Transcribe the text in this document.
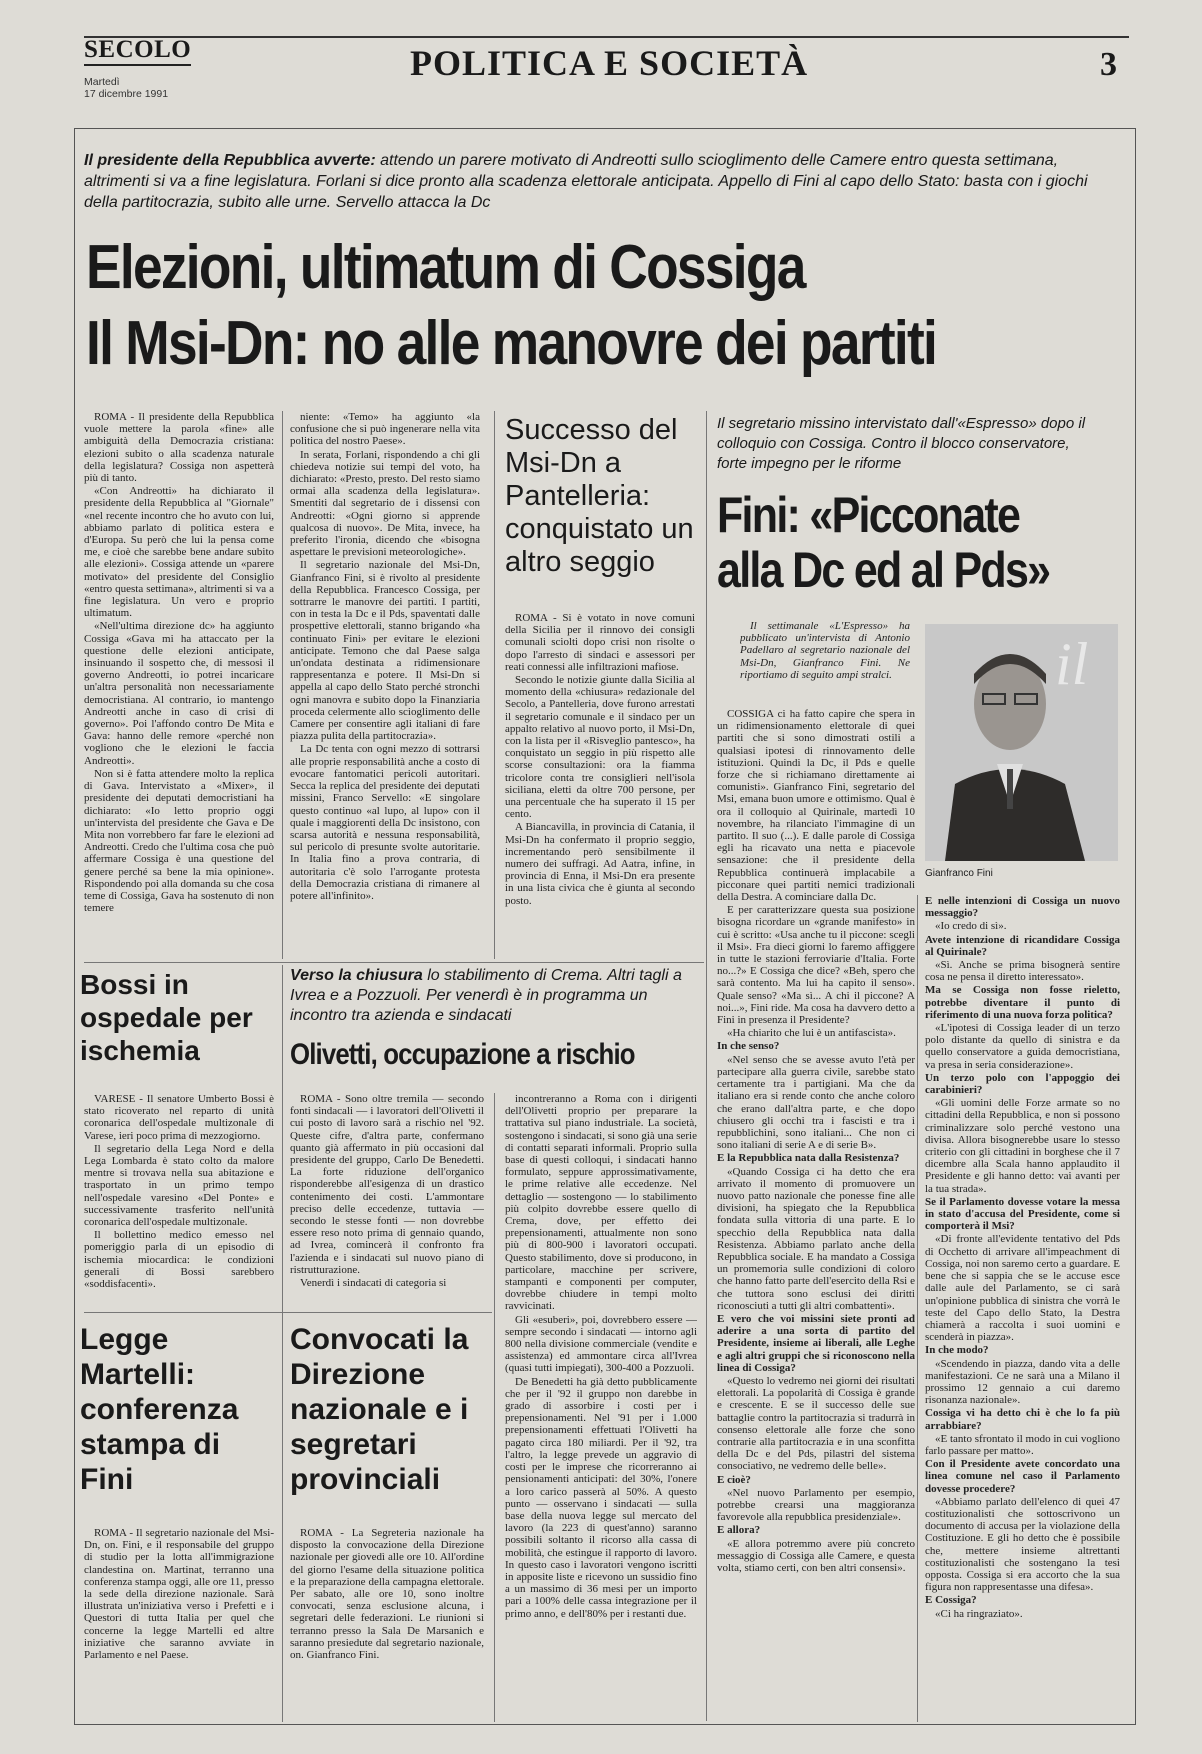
SECOLO
Martedì
17 dicembre 1991
POLITICA E SOCIETÀ	3
Il presidente della Repubblica avverte: attendo un parere motivato di Andreotti sullo scioglimento delle Camere entro questa settimana, altrimenti si va a fine legislatura. Forlani si dice pronto alla scadenza elettorale anticipata. Appello di Fini al capo dello Stato: basta con i giochi della partitocrazia, subito alle urne. Servello attacca la Dc
Elezioni, ultimatum di Cossiga
Il Msi-Dn: no alle manovre dei partiti

ROMA - Il presidente della Repubblica vuole mettere la parola «fine» alle ambiguità della Democrazia cristiana: elezioni subito o alla scadenza naturale della legislatura? Cossiga non aspetterà più di tanto.

«Con Andreotti» ha dichiarato il presidente della Repubblica al "Giornale" «nel recente incontro che ho avuto con lui, abbiamo parlato di politica estera e d'Europa. Su però che lui la pensa come me, e cioè che sarebbe bene andare subito alle elezioni». Cossiga attende un «parere motivato» del presidente del Consiglio «entro questa settimana», altrimenti si va a fine legislatura. Un vero e proprio ultimatum.

«Nell'ultima direzione dc» ha aggiunto Cossiga «Gava mi ha attaccato per la questione delle elezioni anticipate, insinuando il sospetto che, di messosi il governo Andreotti, io potrei incaricare un'altra personalità non necessariamente democristiana. Al contrario, io mantengo Andreotti anche in caso di crisi di governo». Poi l'affondo contro De Mita e Gava: hanno delle remore «perché non vogliono che le elezioni le faccia Andreotti».

Non si è fatta attendere molto la replica di Gava. Intervistato a «Mixer», il presidente dei deputati democristiani ha dichiarato: «Io letto proprio oggi un'intervista del presidente che Gava e De Mita non vorrebbero far fare le elezioni ad Andreotti. Credo che l'ultima cosa che può affermare Cossiga è una questione del genere perché sa bene la mia opinione». Rispondendo poi alla domanda su che cosa teme di Cossiga, Gava ha sostenuto di non temere

niente: «Temo» ha aggiunto «la confusione che si può ingenerare nella vita politica del nostro Paese».

In serata, Forlani, rispondendo a chi gli chiedeva notizie sui tempi del voto, ha dichiarato: «Presto, presto. Del resto siamo ormai alla scadenza della legislatura». Smentiti dal segretario de i dissensi con Andreotti: «Ogni giorno si apprende qualcosa di nuovo». De Mita, invece, ha preferito l'ironia, dicendo che «bisogna aspettare le previsioni meteorologiche».

Il segretario nazionale del Msi-Dn, Gianfranco Fini, si è rivolto al presidente della Repubblica. Francesco Cossiga, per sottrarre le manovre dei partiti. I partiti, con in testa la Dc e il Pds, spaventati dalle prospettive elettorali, stanno brigando «ha continuato Fini» per evitare le elezioni anticipate. Temono che dal Paese salga un'ondata destinata a ridimensionare rappresentanza e potere. Il Msi-Dn si appella al capo dello Stato perché stronchi ogni manovra e subito dopo la Finanziaria proceda celermente allo scioglimento delle Camere per consentire agli italiani di fare piazza pulita della partitocrazia».

La Dc tenta con ogni mezzo di sottrarsi alle proprie responsabilità anche a costo di evocare fantomatici pericoli autoritari. Secca la replica del presidente dei deputati missini, Franco Servello: «E singolare questo continuo «al lupo, al lupo» con il quale i maggiorenti della Dc insistono, con scarsa autorità e nessuna responsabilità, sul pericolo di presunte svolte autoritarie. In Italia fino a prova contraria, di autoritaria c'è solo l'arrogante protesta della Democrazia cristiana di rimanere al potere all'infinito».

Successo del Msi-Dn a Pantelleria: conquistato un altro seggio

ROMA - Si è votato in nove comuni della Sicilia per il rinnovo dei consigli comunali sciolti dopo crisi non risolte o dopo l'arresto di sindaci e assessori per reati connessi alle infiltrazioni mafiose.

Secondo le notizie giunte dalla Sicilia al momento della «chiusura» redazionale del Secolo, a Pantelleria, dove furono arrestati il segretario comunale e il sindaco per un appalto relativo al nuovo porto, il Msi-Dn, con la lista per il «Risveglio pantesco», ha conquistato un seggio in più rispetto alle scorse consultazioni: ora la fiamma tricolore conta tre consiglieri nell'isola siciliana, eletti da oltre 700 persone, per una percentuale che ha superato il 15 per cento.

A Biancavilla, in provincia di Catania, il Msi-Dn ha confermato il proprio seggio, incrementando però sensibilmente il numero dei suffragi. Ad Aatra, infine, in provincia di Enna, il Msi-Dn era presente in una lista civica che è giunta al secondo posto.

Il segretario missino intervistato dall'«Espresso» dopo il colloquio con Cossiga. Contro il blocco conservatore, forte impegno per le riforme
Fini: «Picconate
alla Dc ed al Pds»

Il settimanale «L'Espresso» ha pubblicato un'intervista di Antonio Padellaro al segretario nazionale del Msi-Dn, Gianfranco Fini. Ne riportiamo di seguito ampi stralci.	il
Gianfranco Fini

COSSIGA ci ha fatto capire che spera in un ridimensionamento elettorale di quei partiti che si sono dimostrati ostili a qualsiasi ipotesi di rinnovamento delle istituzioni. Quindi la Dc, il Pds e quelle forze che si richiamano direttamente ai comunisti». Gianfranco Fini, segretario del Msi, emana buon umore e ottimismo. Qual è ora il colloquio al Quirinale, martedì 10 novembre, ha rilanciato l'immagine di un partito. Il suo (...). E dalle parole di Cossiga egli ha ricavato una netta e piacevole sensazione: che il presidente della Repubblica continuerà implacabile a picconare quei partiti nemici tradizionali della Destra. A cominciare dalla Dc.

E per caratterizzare questa sua posizione bisogna ricordare un «grande manifesto» in cui è scritto: «Usa anche tu il piccone: scegli il Msi». Fra dieci giorni lo faremo affiggere in tutte le stazioni ferroviarie d'Italia. Forte no...?» E Cossiga che dice? «Beh, spero che sarà contento. Ma lui ha capito il senso». Quale senso? «Ma sì... A chi il piccone? A noi...», Fini ride. Ma cosa ha davvero detto a Fini in presenza il Presidente?

«Ha chiarito che lui è un antifascista».

In che senso?

«Nel senso che se avesse avuto l'età per partecipare alla guerra civile, sarebbe stato certamente tra i partigiani. Ma che da italiano era si rende conto che anche coloro che erano dall'altra parte, e che dopo chiusero gli occhi tra i fascisti e tra i repubblichini, sono italiani... Che non ci sono italiani di serie A e di serie B».

E la Repubblica nata dalla Resistenza?

«Quando Cossiga ci ha detto che era arrivato il momento di promuovere un nuovo patto nazionale che ponesse fine alle divisioni, ha spiegato che la Repubblica fondata sulla vittoria di una parte. E lo specchio della Repubblica nata dalla Resistenza. Abbiamo parlato anche della Repubblica sociale. E ha mandato a Cossiga un promemoria sulle condizioni di coloro che hanno fatto parte dell'esercito della Rsi e che tuttora sono esclusi dei diritti riconosciuti a tutti gli altri combattenti».

E vero che voi missini siete pronti ad aderire a una sorta di partito del Presidente, insieme ai liberali, alle Leghe e agli altri gruppi che si riconoscono nella linea di Cossiga?

«Questo lo vedremo nei giorni dei risultati elettorali. La popolarità di Cossiga è grande e crescente. E se il successo delle sue battaglie contro la partitocrazia si tradurrà in consenso elettorale alle forze che sono contrarie alla partitocrazia e in una sconfitta della Dc e del Pds, pilastri del sistema consociativo, ne vedremo delle belle».

E cioè?

«Nel nuovo Parlamento per esempio, potrebbe crearsi una maggioranza favorevole alla repubblica presidenziale».

E allora?

«E allora potremmo avere più concreto messaggio di Cossiga alle Camere, e questa volta, stiamo certi, con ben altri consensi».

E nelle intenzioni di Cossiga un nuovo messaggio?

«Io credo di sì».

Avete intenzione di ricandidare Cossiga al Quirinale?

«Sì. Anche se prima bisognerà sentire cosa ne pensa il diretto interessato».

Ma se Cossiga non fosse rieletto, potrebbe diventare il punto di riferimento di una nuova forza politica?

«L'ipotesi di Cossiga leader di un terzo polo distante da quello di sinistra e da quello conservatore a guida democristiana, va presa in seria considerazione».

Un terzo polo con l'appoggio dei carabinieri?

«Gli uomini delle Forze armate so no cittadini della Repubblica, e non si possono criminalizzare solo perché vestono una divisa. Allora bisognerebbe usare lo stesso criterio con gli cittadini in borghese che il 7 dicembre alla Scala hanno applaudito il Presidente e gli hanno detto: vai avanti per la tua strada».

Se il Parlamento dovesse votare la messa in stato d'accusa del Presidente, come si comporterà il Msi?

«Di fronte all'evidente tentativo del Pds di Occhetto di arrivare all'impeachment di Cossiga, noi non saremo certo a guardare. E bene che si sappia che se le accuse esce dalle aule del Parlamento, se ci sarà un'opinione pubblica di sinistra che vorrà le teste del Capo dello Stato, la Destra chiamerà a raccolta i suoi uomini e scenderà in piazza».

In che modo?

«Scendendo in piazza, dando vita a delle manifestazioni. Ce ne sarà una a Milano il prossimo 12 gennaio a cui daremo risonanza nazionale».

Cossiga vi ha detto chi è che lo fa più arrabbiare?

«E tanto sfrontato il modo in cui vogliono farlo passare per matto».

Con il Presidente avete concordato una linea comune nel caso il Parlamento dovesse procedere?

«Abbiamo parlato dell'elenco di quei 47 costituzionalisti che sottoscrivono un documento di accusa per la violazione della Costituzione. E gli ho detto che è possibile che, mettere insieme altrettanti costituzionalisti che sostengano la tesi opposta. Cossiga si era accorto che la sua figura non rappresentasse una difesa».

E Cossiga?

«Ci ha ringraziato».

Bossi in ospedale per ischemia

VARESE - Il senatore Umberto Bossi è stato ricoverato nel reparto di unità coronarica dell'ospedale multizonale di Varese, ieri poco prima di mezzogiorno.

Il segretario della Lega Nord e della Lega Lombarda è stato colto da malore mentre si trovava nella sua abitazione e trasportato in un primo tempo nell'ospedale varesino «Del Ponte» e successivamente trasferito nell'unità coronarica dell'ospedale multizonale.

Il bollettino medico emesso nel pomeriggio parla di un episodio di ischemia miocardica: le condizioni generali di Bossi sarebbero «soddisfacenti».

Verso la chiusura lo stabilimento di Crema. Altri tagli a Ivrea e a Pozzuoli. Per venerdì è in programma un incontro tra azienda e sindacati
Olivetti, occupazione a rischio

ROMA - Sono oltre tremila — secondo fonti sindacali — i lavoratori dell'Olivetti il cui posto di lavoro sarà a rischio nel '92. Queste cifre, d'altra parte, confermano quanto già affermato in più occasioni dal presidente del gruppo, Carlo De Benedetti. La forte riduzione dell'organico risponderebbe all'esigenza di un drastico contenimento dei costi. L'ammontare preciso delle eccedenze, tuttavia — secondo le stesse fonti — non dovrebbe essere reso noto prima di gennaio quando, ad Ivrea, comincerà il confronto fra l'azienda e i sindacati sul nuovo piano di ristrutturazione.

Venerdì i sindacati di categoria si

incontreranno a Roma con i dirigenti dell'Olivetti proprio per preparare la trattativa sul piano industriale. La società, sostengono i sindacati, si sono già una serie di contatti separati informali. Proprio sulla base di questi colloqui, i sindacati hanno formulato, seppure approssimativamente, le prime relative alle eccedenze. Nel dettaglio — sostengono — lo stabilimento più colpito dovrebbe essere quello di Crema, dove, per effetto dei prepensionamenti, attualmente non sono più di 800-900 i lavoratori occupati. Questo stabilimento, dove si producono, in particolare, macchine per scrivere, stampanti e componenti per computer, dovrebbe chiudere in tempi molto ravvicinati.

Gli «esuberi», poi, dovrebbero essere — sempre secondo i sindacati — intorno agli 800 nella divisione commerciale (vendite e assistenza) ed ammontare circa all'Ivrea (quasi tutti impiegati), 300-400 a Pozzuoli.

De Benedetti ha già detto pubblicamente che per il '92 il gruppo non darebbe in grado di assorbire i costi per i prepensionamenti. Nel '91 per i 1.000 prepensionamenti effettuati l'Olivetti ha pagato circa 180 miliardi. Per il '92, tra l'altro, la legge prevede un aggravio di costi per le imprese che ricorreranno ai pensionamenti anticipati: del 30%, l'onere a loro carico passerà al 50%. A questo punto — osservano i sindacati — sulla base della nuova legge sul mercato del lavoro (la 223 di quest'anno) saranno possibili soltanto il ricorso alla cassa di mobilità, che estingue il rapporto di lavoro. In questo caso i lavoratori vengono iscritti in apposite liste e ricevono un sussidio fino a un massimo di 36 mesi per un importo pari a 100% delle cassa integrazione per il primo anno, e dell'80% per i restanti due.

Legge Martelli: conferenza stampa di Fini

ROMA - Il segretario nazionale del Msi-Dn, on. Fini, e il responsabile del gruppo di studio per la lotta all'immigrazione clandestina on. Martinat, terranno una conferenza stampa oggi, alle ore 11, presso la sede della direzione nazionale. Sarà illustrata un'iniziativa verso i Prefetti e i Questori di tutta Italia per quel che concerne la legge Martelli ed altre iniziative che saranno avviate in Parlamento e nel Paese.

Convocati la Direzione nazionale e i segretari provinciali

ROMA - La Segreteria nazionale ha disposto la convocazione della Direzione nazionale per giovedì alle ore 10. All'ordine del giorno l'esame della situazione politica e la preparazione della campagna elettorale. Per sabato, alle ore 10, sono inoltre convocati, senza esclusione alcuna, i segretari delle federazioni. Le riunioni si terranno presso la Sala De Marsanich e saranno presiedute dal segretario nazionale, on. Gianfranco Fini.
